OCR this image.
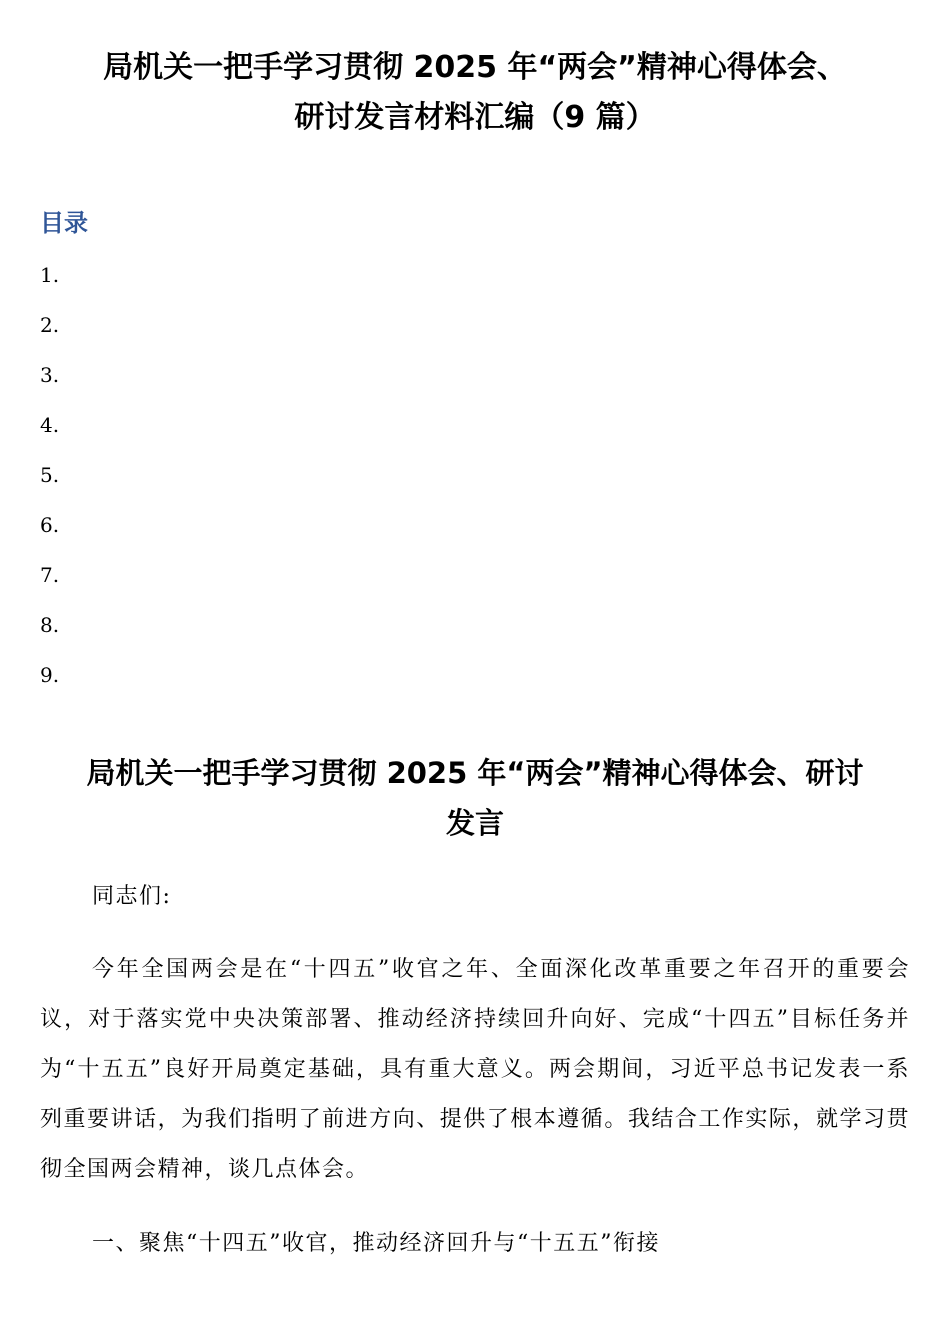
局机关一把手学习贯彻 2025 年“两会”精神心得体会、
研讨发言材料汇编（9 篇）
目录
1.
2.
3.
4.
5.
6.
7.
8.
9.
局机关一把手学习贯彻 2025 年“两会”精神心得体会、研讨
发言

同志们:

今年全国两会是在“十四五”收官之年、全面深化改革重要之年召开的重要会议，对于落实党中央决策部署、推动经济持续回升向好、完成“十四五”目标任务并为“十五五”良好开局奠定基础，具有重大意义。两会期间，习近平总书记发表一系列重要讲话，为我们指明了前进方向、提供了根本遵循。我结合工作实际，就学习贯彻全国两会精神，谈几点体会。

一、聚焦“十四五”收官，推动经济回升与“十五五”衔接
